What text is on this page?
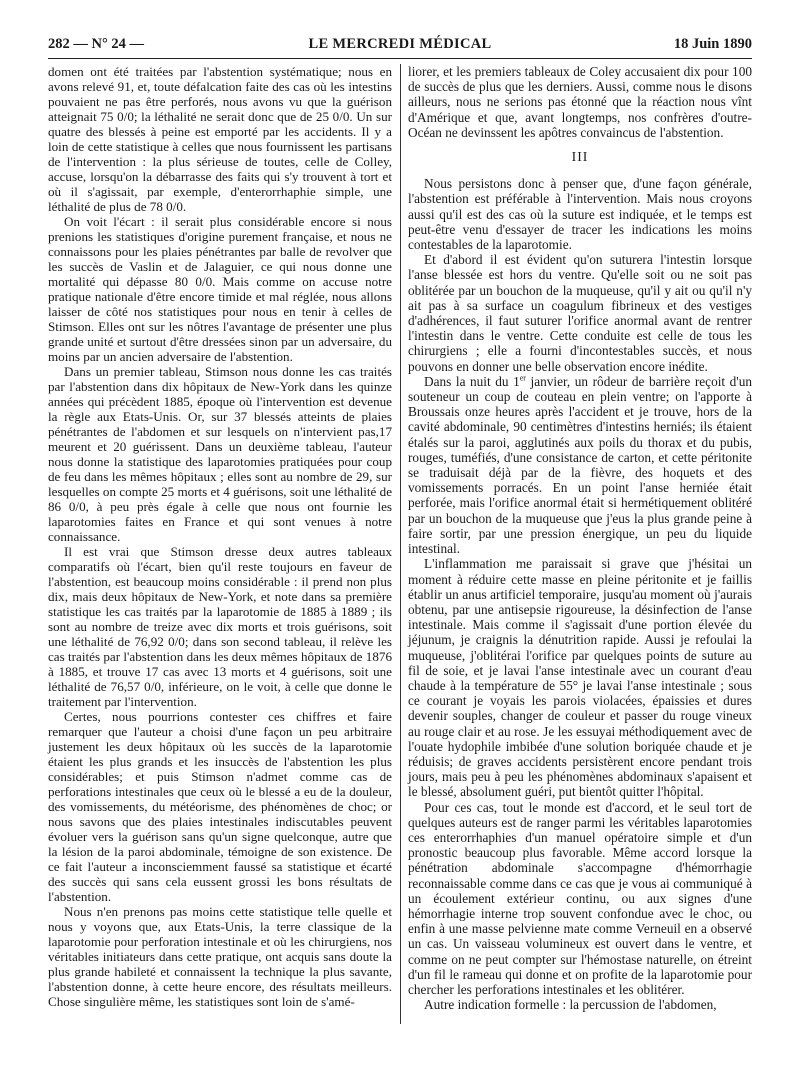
282 — N° 24 —	LE MERCREDI MÉDICAL	18 Juin 1890

domen ont été traitées par l'abstention systématique; nous en avons relevé 91, et, toute défalcation faite des cas où les intestins pouvaient ne pas être perforés, nous avons vu que la guérison atteignait 75 0/0; la léthalité ne serait donc que de 25 0/0. Un sur quatre des blessés à peine est emporté par les accidents. Il y a loin de cette statistique à celles que nous fournissent les partisans de l'intervention : la plus sérieuse de toutes, celle de Colley, accuse, lorsqu'on la débarrasse des faits qui s'y trouvent à tort et où il s'agissait, par exemple, d'enterorrhaphie simple, une léthalité de plus de 78 0/0.

On voit l'écart : il serait plus considérable encore si nous prenions les statistiques d'origine purement française, et nous ne connaissons pour les plaies pénétrantes par balle de revolver que les succès de Vaslin et de Jalaguier, ce qui nous donne une mortalité qui dépasse 80 0/0. Mais comme on accuse notre pratique nationale d'être encore timide et mal réglée, nous allons laisser de côté nos statistiques pour nous en tenir à celles de Stimson. Elles ont sur les nôtres l'avantage de présenter une plus grande unité et surtout d'être dressées sinon par un adversaire, du moins par un ancien adversaire de l'abstention.

Dans un premier tableau, Stimson nous donne les cas traités par l'abstention dans dix hôpitaux de New-York dans les quinze années qui précèdent 1885, époque où l'intervention est devenue la règle aux Etats-Unis. Or, sur 37 blessés atteints de plaies pénétrantes de l'abdomen et sur lesquels on n'intervient pas,17 meurent et 20 guérissent. Dans un deuxième tableau, l'auteur nous donne la statistique des laparotomies pratiquées pour coup de feu dans les mêmes hôpitaux ; elles sont au nombre de 29, sur lesquelles on compte 25 morts et 4 guérisons, soit une léthalité de 86 0/0, à peu près égale à celle que nous ont fournie les laparotomies faites en France et qui sont venues à notre connaissance.

Il est vrai que Stimson dresse deux autres tableaux comparatifs où l'écart, bien qu'il reste toujours en faveur de l'abstention, est beaucoup moins considérable : il prend non plus dix, mais deux hôpitaux de New-York, et note dans sa première statistique les cas traités par la laparotomie de 1885 à 1889 ; ils sont au nombre de treize avec dix morts et trois guérisons, soit une léthalité de 76,92 0/0; dans son second tableau, il relève les cas traités par l'abstention dans les deux mêmes hôpitaux de 1876 à 1885, et trouve 17 cas avec 13 morts et 4 guérisons, soit une léthalité de 76,57 0/0, inférieure, on le voit, à celle que donne le traitement par l'intervention.

Certes, nous pourrions contester ces chiffres et faire remarquer que l'auteur a choisi d'une façon un peu arbitraire justement les deux hôpitaux où les succès de la laparotomie étaient les plus grands et les insuccès de l'abstention les plus considérables; et puis Stimson n'admet comme cas de perforations intestinales que ceux où le blessé a eu de la douleur, des vomissements, du météorisme, des phénomènes de choc; or nous savons que des plaies intestinales indiscutables peuvent évoluer vers la guérison sans qu'un signe quelconque, autre que la lésion de la paroi abdominale, témoigne de son existence. De ce fait l'auteur a inconsciemment faussé sa statistique et écarté des succès qui sans cela eussent grossi les bons résultats de l'abstention.

Nous n'en prenons pas moins cette statistique telle quelle et nous y voyons que, aux Etats-Unis, la terre classique de la laparotomie pour perforation intestinale et où les chirurgiens, nos véritables initiateurs dans cette pratique, ont acquis sans doute la plus grande habileté et connaissent la technique la plus savante, l'abstention donne, à cette heure encore, des résultats meilleurs. Chose singulière même, les statistiques sont loin de s'amé-

liorer, et les premiers tableaux de Coley accusaient dix pour 100 de succès de plus que les derniers. Aussi, comme nous le disons ailleurs, nous ne serions pas étonné que la réaction nous vînt d'Amérique et que, avant longtemps, nos confrères d'outre-Océan ne devinssent les apôtres convaincus de l'abstention.

III

Nous persistons donc à penser que, d'une façon générale, l'abstention est préférable à l'intervention. Mais nous croyons aussi qu'il est des cas où la suture est indiquée, et le temps est peut-être venu d'essayer de tracer les indications les moins contestables de la laparotomie.

Et d'abord il est évident qu'on suturera l'intestin lorsque l'anse blessée est hors du ventre. Qu'elle soit ou ne soit pas oblitérée par un bouchon de la muqueuse, qu'il y ait ou qu'il n'y ait pas à sa surface un coagulum fibrineux et des vestiges d'adhérences, il faut suturer l'orifice anormal avant de rentrer l'intestin dans le ventre. Cette conduite est celle de tous les chirurgiens ; elle a fourni d'incontestables succès, et nous pouvons en donner une belle observation encore inédite.

Dans la nuit du 1er janvier, un rôdeur de barrière reçoit d'un souteneur un coup de couteau en plein ventre; on l'apporte à Broussais onze heures après l'accident et je trouve, hors de la cavité abdominale, 90 centimètres d'intestins herniés; ils étaient étalés sur la paroi, agglutinés aux poils du thorax et du pubis, rouges, tuméfiés, d'une consistance de carton, et cette péritonite se traduisait déjà par de la fièvre, des hoquets et des vomissements porracés. En un point l'anse herniée était perforée, mais l'orifice anormal était si hermétiquement oblitéré par un bouchon de la muqueuse que j'eus la plus grande peine à faire sortir, par une pression énergique, un peu du liquide intestinal.

L'inflammation me paraissait si grave que j'hésitai un moment à réduire cette masse en pleine péritonite et je faillis établir un anus artificiel temporaire, jusqu'au moment où j'aurais obtenu, par une antisepsie rigoureuse, la désinfection de l'anse intestinale. Mais comme il s'agissait d'une portion élevée du jéjunum, je craignis la dénutrition rapide. Aussi je refoulai la muqueuse, j'oblitérai l'orifice par quelques points de suture au fil de soie, et je lavai l'anse intestinale avec un courant d'eau chaude à la température de 55° je lavai l'anse intestinale ; sous ce courant je voyais les parois violacées, épaissies et dures devenir souples, changer de couleur et passer du rouge vineux au rouge clair et au rose. Je les essuyai méthodiquement avec de l'ouate hydophile imbibée d'une solution boriquée chaude et je réduisis; de graves accidents persistèrent encore pendant trois jours, mais peu à peu les phénomènes abdominaux s'apaisent et le blessé, absolument guéri, put bientôt quitter l'hôpital.

Pour ces cas, tout le monde est d'accord, et le seul tort de quelques auteurs est de ranger parmi les véritables laparotomies ces enterorrhaphies d'un manuel opératoire simple et d'un pronostic beaucoup plus favorable. Même accord lorsque la pénétration abdominale s'accompagne d'hémorrhagie reconnaissable comme dans ce cas que je vous ai communiqué à un écoulement extérieur continu, ou aux signes d'une hémorrhagie interne trop souvent confondue avec le choc, ou enfin à une masse pelvienne mate comme Verneuil en a observé un cas. Un vaisseau volumineux est ouvert dans le ventre, et comme on ne peut compter sur l'hémostase naturelle, on étreint d'un fil le rameau qui donne et on profite de la laparotomie pour chercher les perforations intestinales et les oblitérer.

Autre indication formelle : la percussion de l'abdomen,
